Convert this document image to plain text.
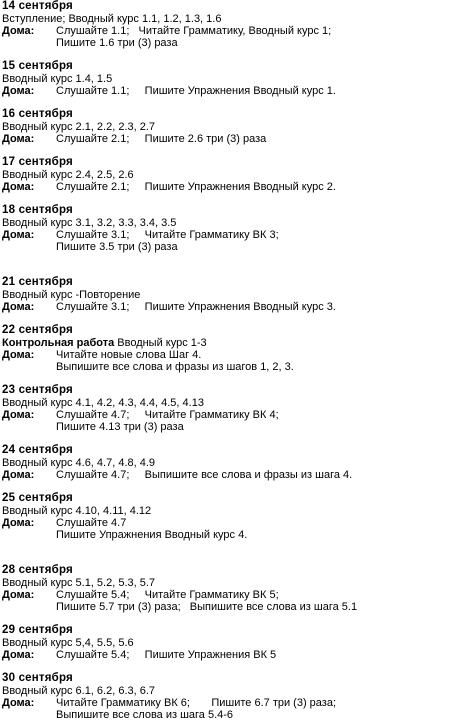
14 сентября
Вступление; Вводный курс 1.1, 1.2, 1.3, 1.6
Дома: Слушайте 1.1;   Читайте Грамматику, Вводный курс 1;
Пишите 1.6 три (3) раза
15 сентября
Вводный курс 1.4, 1.5
Дома: Слушайте 1.1;     Пишите Упражнения Вводный курс 1.
16 сентября
Вводный курс 2.1, 2.2, 2.3, 2.7
Дома: Слушайте 2.1;     Пишите 2.6 три (3) раза
17 сентября
Вводный курс 2.4, 2.5, 2.6
Дома: Слушайте 2.1;     Пишите Упражнения Вводный курс 2.
18 сентября
Вводный курс 3.1, 3.2, 3.3, 3.4, 3.5
Дома: Слушайте 3.1;     Читайте Грамматику ВК 3;
Пишите 3.5 три (3) раза
21 сентября
Вводный курс -Повторение
Дома: Слушайте 3.1;     Пишите Упражнения Вводный курс 3.
22 сентября
Контрольная работа Вводный курс 1-3
Дома: Читайте новые слова Шаг 4.
Выпишите все слова и фразы из шагов 1, 2, 3.
23 сентября
Вводный курс 4.1, 4.2, 4.3, 4.4, 4.5, 4.13
Дома: Слушайте 4.7;     Читайте Грамматику ВК 4;
Пишите 4.13 три (3) раза
24 сентября
Вводный курс 4.6, 4.7, 4.8, 4.9
Дома: Слушайте 4.7;     Выпишите все слова и фразы из шага 4.
25 сентября
Вводный курс 4.10, 4.11, 4.12
Дома: Слушайте 4.7
Пишите Упражнения Вводный курс 4.
28 сентября
Вводный курс 5.1, 5.2, 5.3, 5.7
Дома: Слушайте 5.4;     Читайте Грамматику ВК 5;
Пишите 5.7 три (3) раза;   Выпишите все слова из шага 5.1
29 сентября
Вводный курс 5,4, 5.5, 5.6
Дома: Слушайте 5.4;     Пишите Упражнения ВК 5
30 сентября
Вводный курс 6.1, 6.2, 6.3, 6.7
Дома: Читайте Грамматику ВК 6;       Пишите 6.7 три (3) раза;
Выпишите все слова из шага 5.4-6
